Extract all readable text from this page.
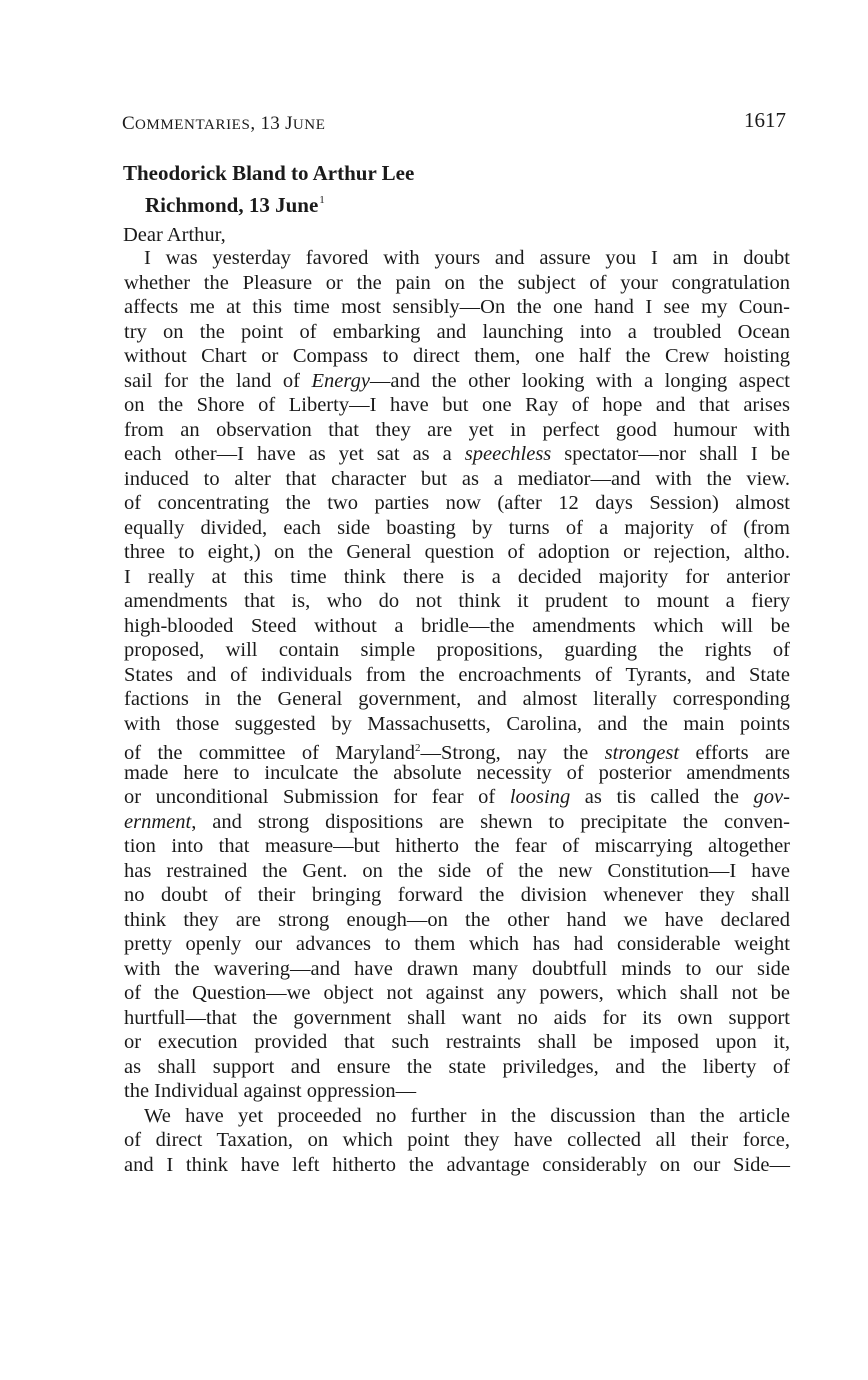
COMMENTARIES, 13 JUNE	1617
Theodorick Bland to Arthur Lee
Richmond, 13 June$^1$
Dear Arthur,
I was yesterday favored with yours and assure you I am in doubt
whether the Pleasure or the pain on the subject of your congratulation
affects me at this time most sensibly—On the one hand I see my Coun-
try on the point of embarking and launching into a troubled Ocean
without Chart or Compass to direct them, one half the Crew hoisting
sail for the land of Energy—and the other looking with a longing aspect
on the Shore of Liberty—I have but one Ray of hope and that arises
from an observation that they are yet in perfect good humour with
each other—I have as yet sat as a speechless spectator—nor shall I be
induced to alter that character but as a mediator—and with the view.
of concentrating the two parties now (after 12 days Session) almost
equally divided, each side boasting by turns of a majority of (from
three to eight,) on the General question of adoption or rejection, altho.
I really at this time think there is a decided majority for anterior
amendments that is, who do not think it prudent to mount a fiery
high-blooded Steed without a bridle—the amendments which will be
proposed, will contain simple propositions, guarding the rights of
States and of individuals from the encroachments of Tyrants, and State
factions in the General government, and almost literally corresponding
with those suggested by Massachusetts, Carolina, and the main points
of the committee of Maryland$^2$—Strong, nay the strongest efforts are
made here to inculcate the absolute necessity of posterior amendments
or unconditional Submission for fear of loosing as tis called the gov-
ernment, and strong dispositions are shewn to precipitate the conven-
tion into that measure—but hitherto the fear of miscarrying altogether
has restrained the Gent. on the side of the new Constitution—I have
no doubt of their bringing forward the division whenever they shall
think they are strong enough—on the other hand we have declared
pretty openly our advances to them which has had considerable weight
with the wavering—and have drawn many doubtfull minds to our side
of the Question—we object not against any powers, which shall not be
hurtfull—that the government shall want no aids for its own support
or execution provided that such restraints shall be imposed upon it,
as shall support and ensure the state priviledges, and the liberty of
the Individual against oppression—
We have yet proceeded no further in the discussion than the article
of direct Taxation, on which point they have collected all their force,
and I think have left hitherto the advantage considerably on our Side—
